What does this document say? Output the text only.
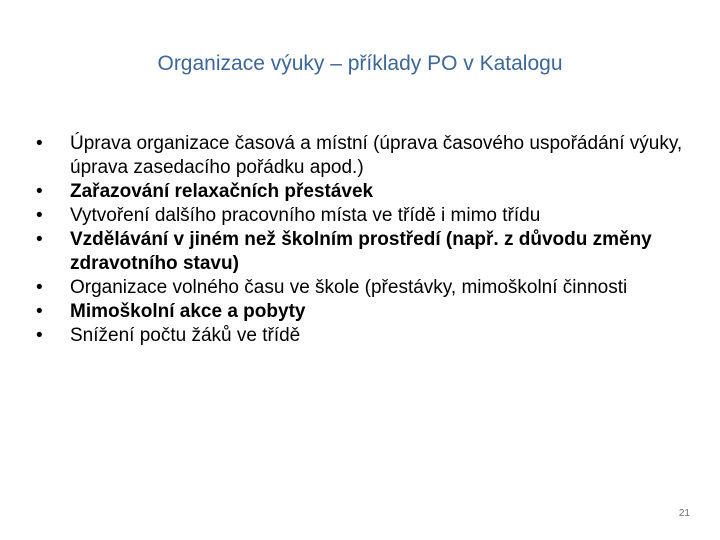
Organizace výuky – příklady PO v Katalogu
•	Úprava organizace časová a místní (úprava časového uspořádání výuky, úprava zasedacího pořádku apod.)
•	Zařazování relaxačních přestávek
•	Vytvoření dalšího pracovního místa ve třídě i mimo třídu
•	Vzdělávání v jiném než školním prostředí (např. z důvodu změny zdravotního stavu)
•	Organizace volného času ve škole (přestávky, mimoškolní činnosti
•	Mimoškolní akce a pobyty
•	Snížení počtu žáků ve třídě
21
